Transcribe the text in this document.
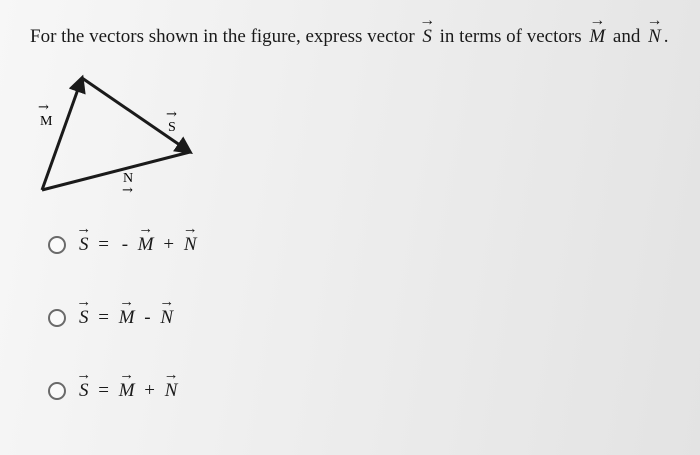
For the vectors shown in the figure, express vector → S in terms of vectors → M and → N .
→
M	→
S
N
→
→ S = - → M + → N
→ S = → M - → N
→ S = → M + → N
